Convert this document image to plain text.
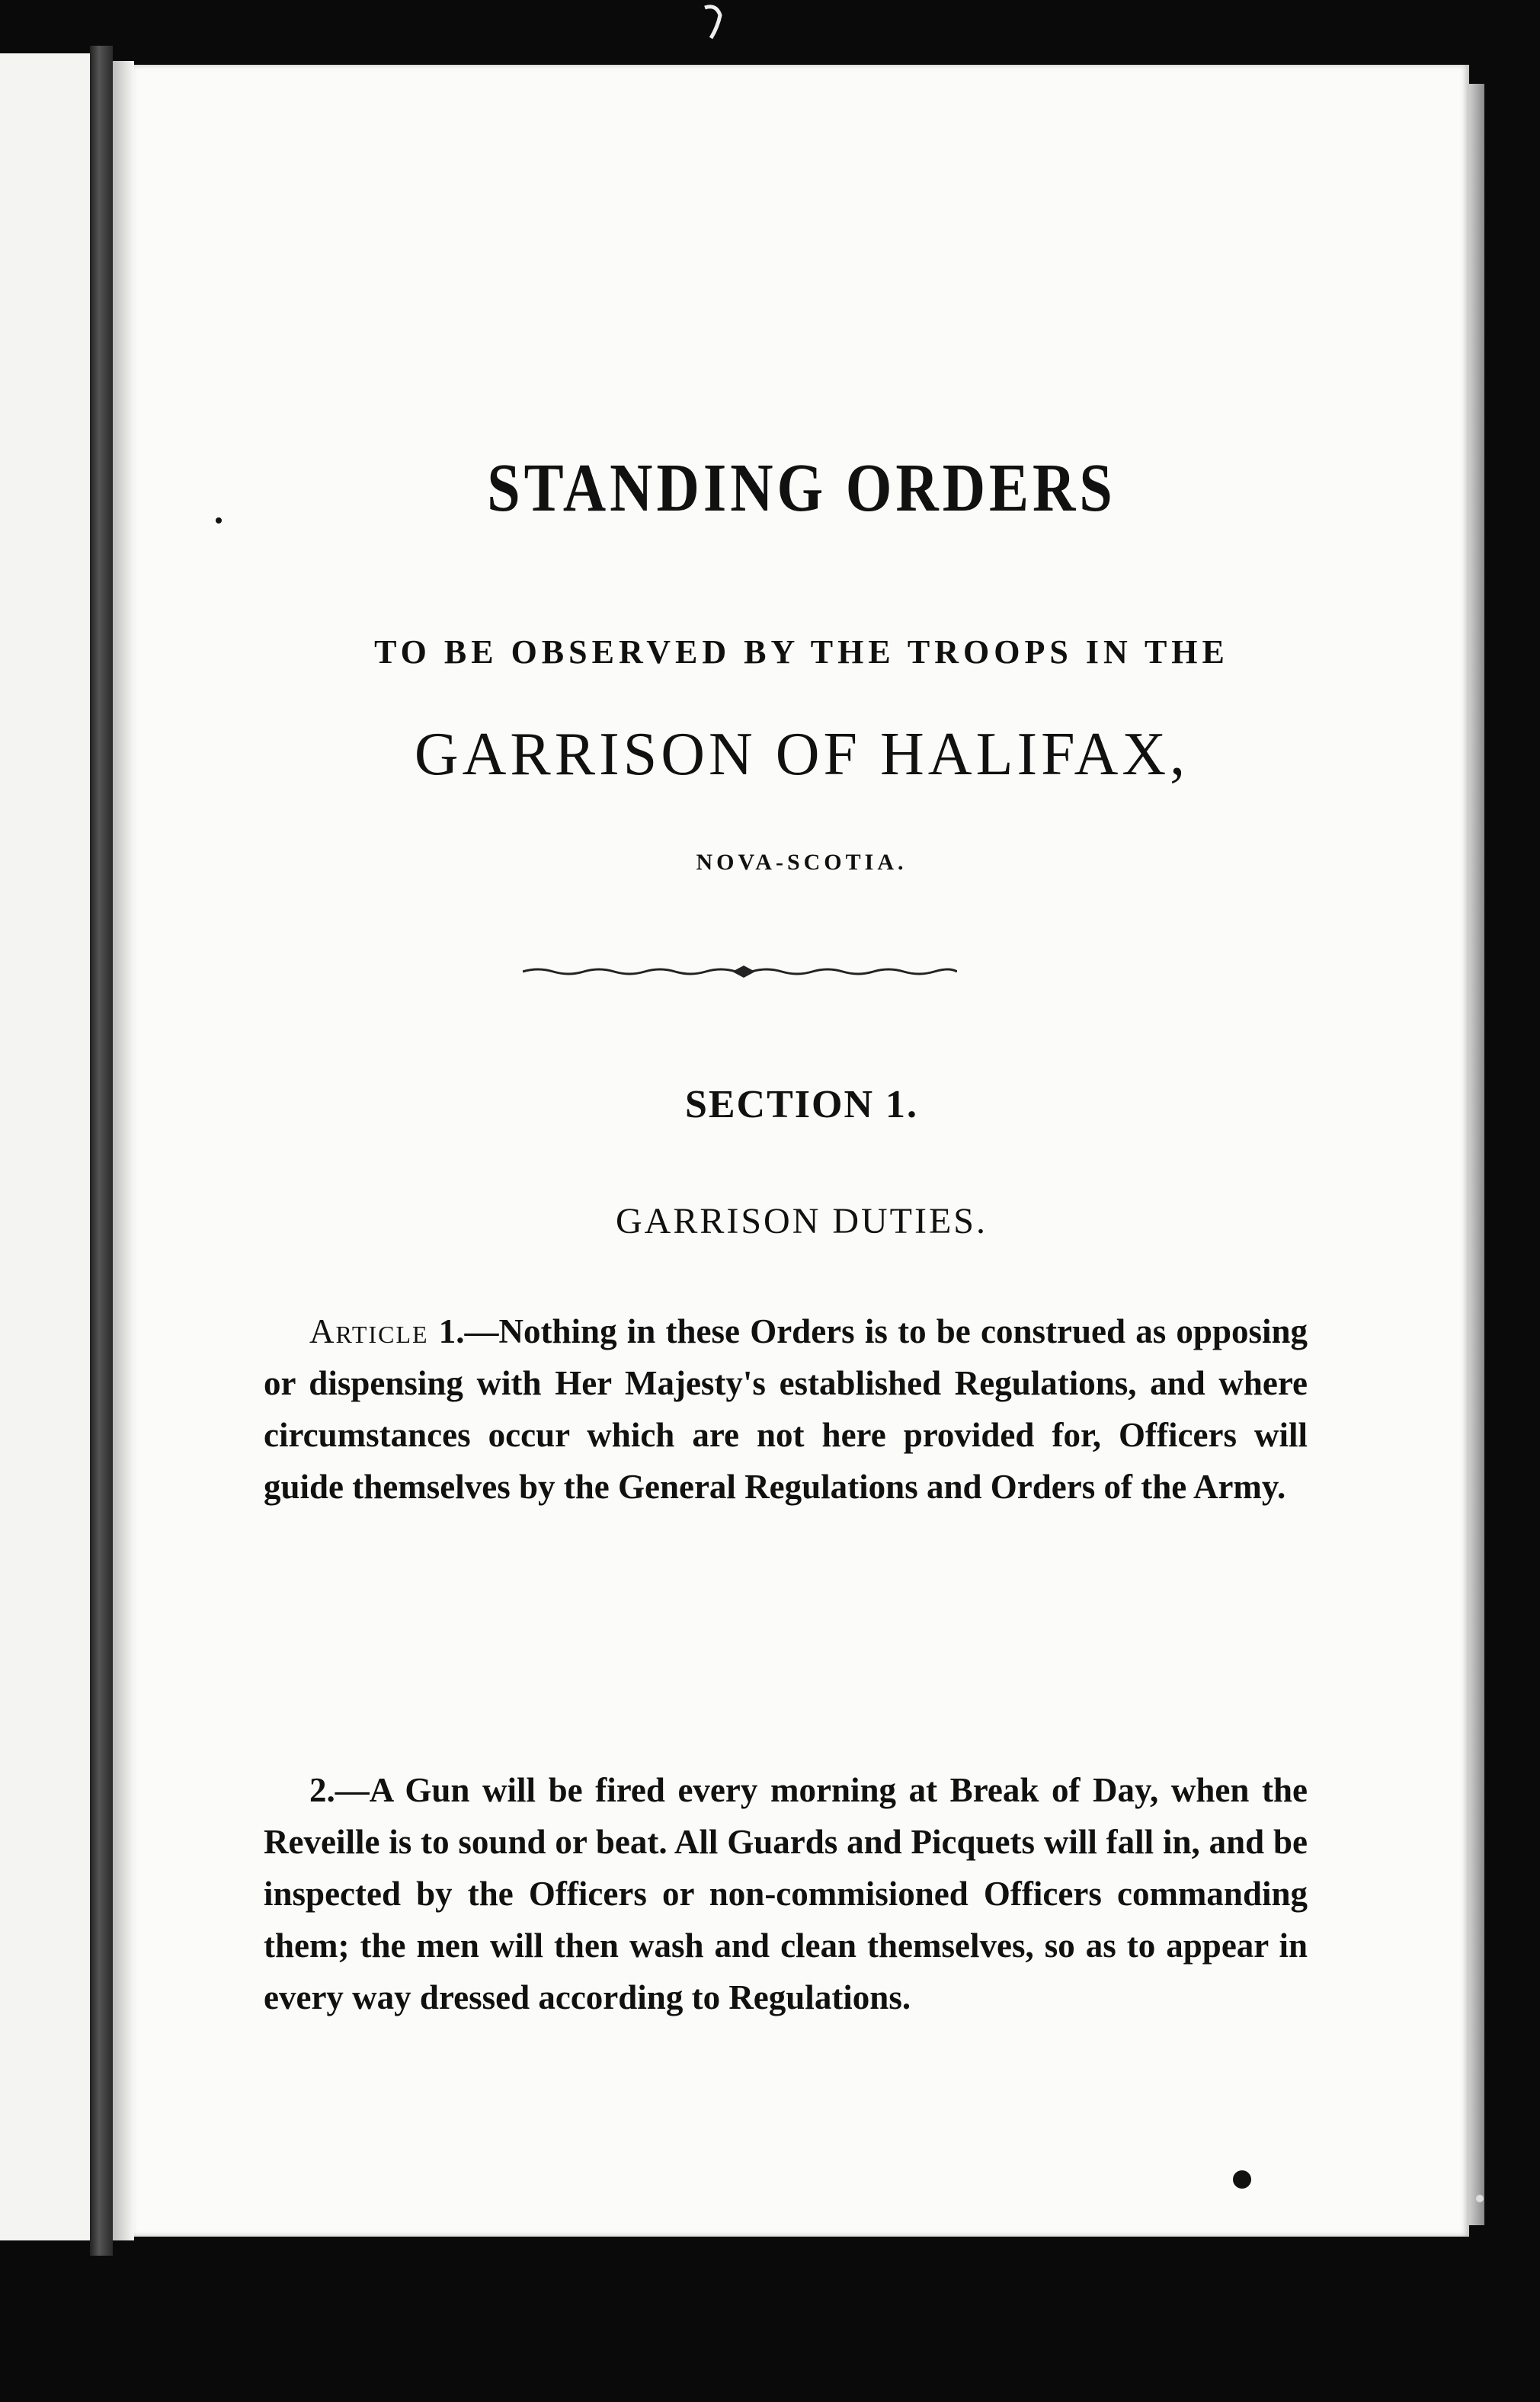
STANDING ORDERS
TO BE OBSERVED BY THE TROOPS IN THE
GARRISON OF HALIFAX,
NOVA-SCOTIA.
SECTION 1.
GARRISON DUTIES.

Article 1.—Nothing in these Orders is to be construed as opposing or dispensing with Her Majesty's established Regulations, and where circumstances occur which are not here provided for, Officers will guide themselves by the General Regulations and Orders of the Army.

2.—A Gun will be fired every morning at Break of Day, when the Reveille is to sound or beat. All Guards and Picquets will fall in, and be inspected by the Officers or non-commisioned Officers commanding them; the men will then wash and clean themselves, so as to appear in every way dressed according to Regulations.
